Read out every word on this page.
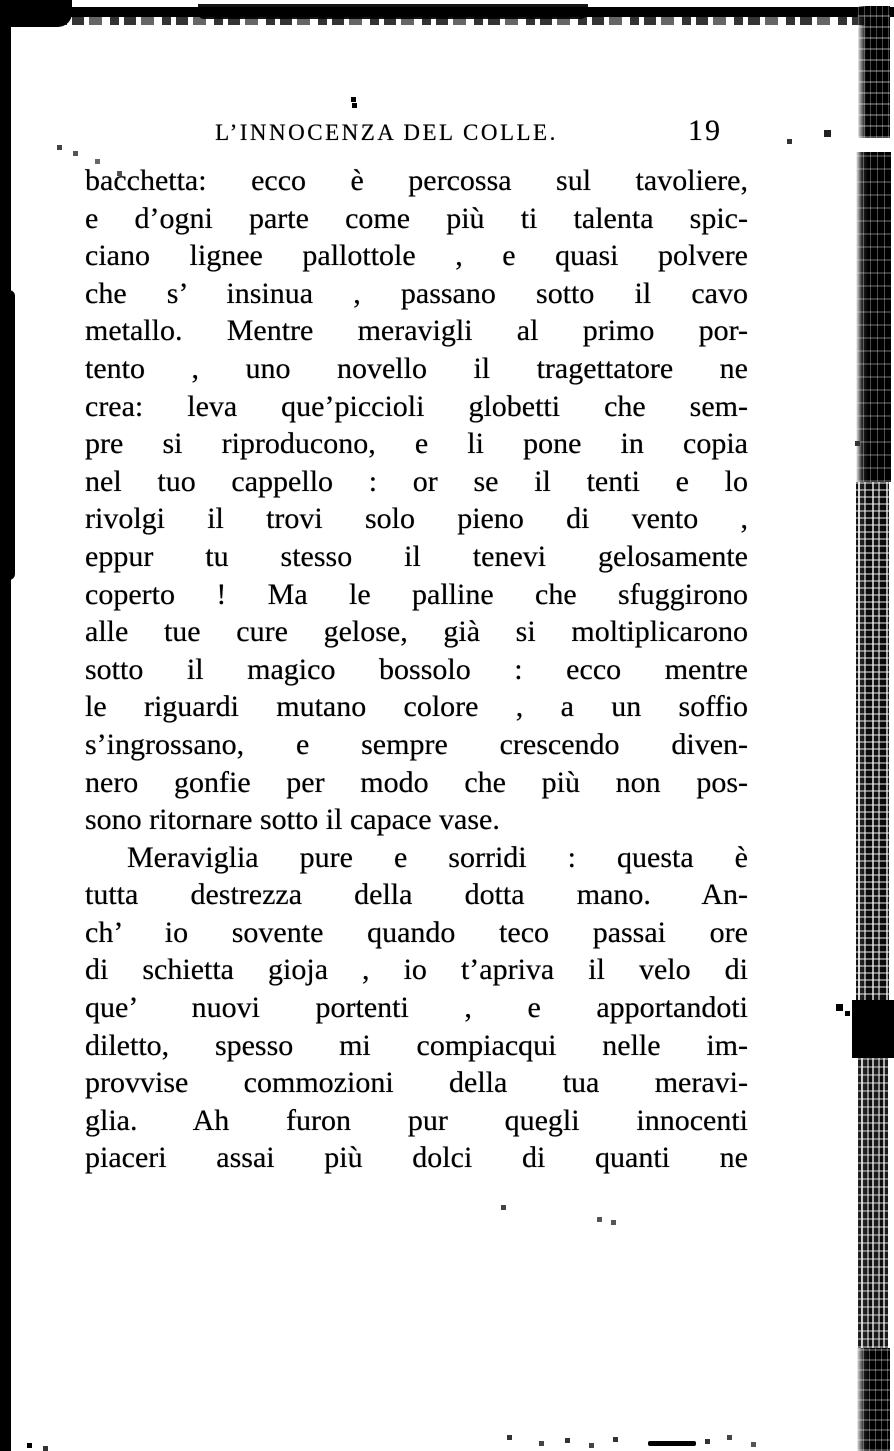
L’INNOCENZA DEL COLLE.	19
bacchetta: ecco è percossa sul tavoliere,
e d’ogni parte come più ti talenta spic-
ciano lignee pallottole , e quasi polvere
che s’ insinua , passano sotto il cavo
metallo. Mentre meravigli al primo por-
tento , uno novello il tragettatore ne
crea: leva que’piccioli globetti che sem-
pre si riproducono, e li pone in copia
nel tuo cappello : or se il tenti e lo
rivolgi il trovi solo pieno di vento ,
eppur tu stesso il tenevi gelosamente
coperto ! Ma le palline che sfuggirono
alle tue cure gelose, già si moltiplicarono
sotto il magico bossolo : ecco mentre
le riguardi mutano colore , a un soffio
s’ingrossano, e sempre crescendo diven-
nero gonfie per modo che più non pos-
sono ritornare sotto il capace vase.
Meraviglia pure e sorridi : questa è
tutta destrezza della dotta mano. An-
ch’ io sovente quando teco passai ore
di schietta gioja , io t’apriva il velo di
que’ nuovi portenti , e apportandoti
diletto, spesso mi compiacqui nelle im-
provvise commozioni della tua meravi-
glia. Ah furon pur quegli innocenti
piaceri assai più dolci di quanti ne
